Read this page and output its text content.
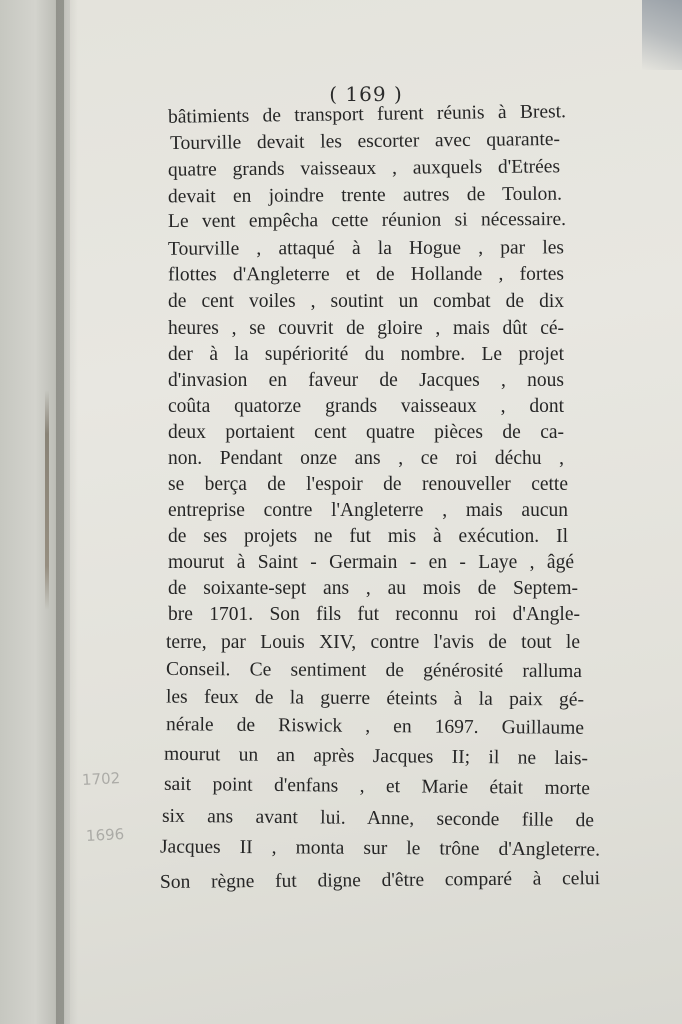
( 169 )
bâtimients de transport furent réunis à Brest.
Tourville devait les escorter avec quarante-
quatre grands vaisseaux , auxquels d'Etrées
devait en joindre trente autres de Toulon.
Le vent empêcha cette réunion si nécessaire.
Tourville , attaqué à la Hogue , par les
flottes d'Angleterre et de Hollande , fortes
de cent voiles , soutint un combat de dix
heures , se couvrit de gloire , mais dût cé-
der à la supériorité du nombre. Le projet
d'invasion en faveur de Jacques , nous
coûta quatorze grands vaisseaux , dont
deux portaient cent quatre pièces de ca-
non. Pendant onze ans , ce roi déchu ,
se berça de l'espoir de renouveller cette
entreprise contre l'Angleterre , mais aucun
de ses projets ne fut mis à exécution. Il
mourut à Saint - Germain - en - Laye , âgé
de soixante-sept ans , au mois de Septem-
bre 1701. Son fils fut reconnu roi d'Angle-
terre, par Louis XIV, contre l'avis de tout le
Conseil. Ce sentiment de générosité ralluma
les feux de la guerre éteints à la paix gé-
nérale de Riswick , en 1697. Guillaume
mourut un an après Jacques II; il ne lais-
sait point d'enfans , et Marie était morte
six ans avant lui. Anne, seconde fille de
Jacques II , monta sur le trône d'Angleterre.
Son règne fut digne d'être comparé à celui
1702
1696
